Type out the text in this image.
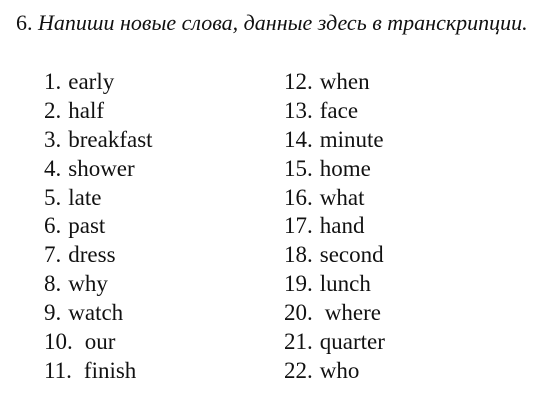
6. Напиши новые слова, данные здесь в транскрипции.
1. early
2. half
3. breakfast
4. shower
5. late
6. past
7. dress
8. why
9. watch
10. our
11. finish
12. when
13. face
14. minute
15. home
16. what
17. hand
18. second
19. lunch
20. where
21. quarter
22. who
